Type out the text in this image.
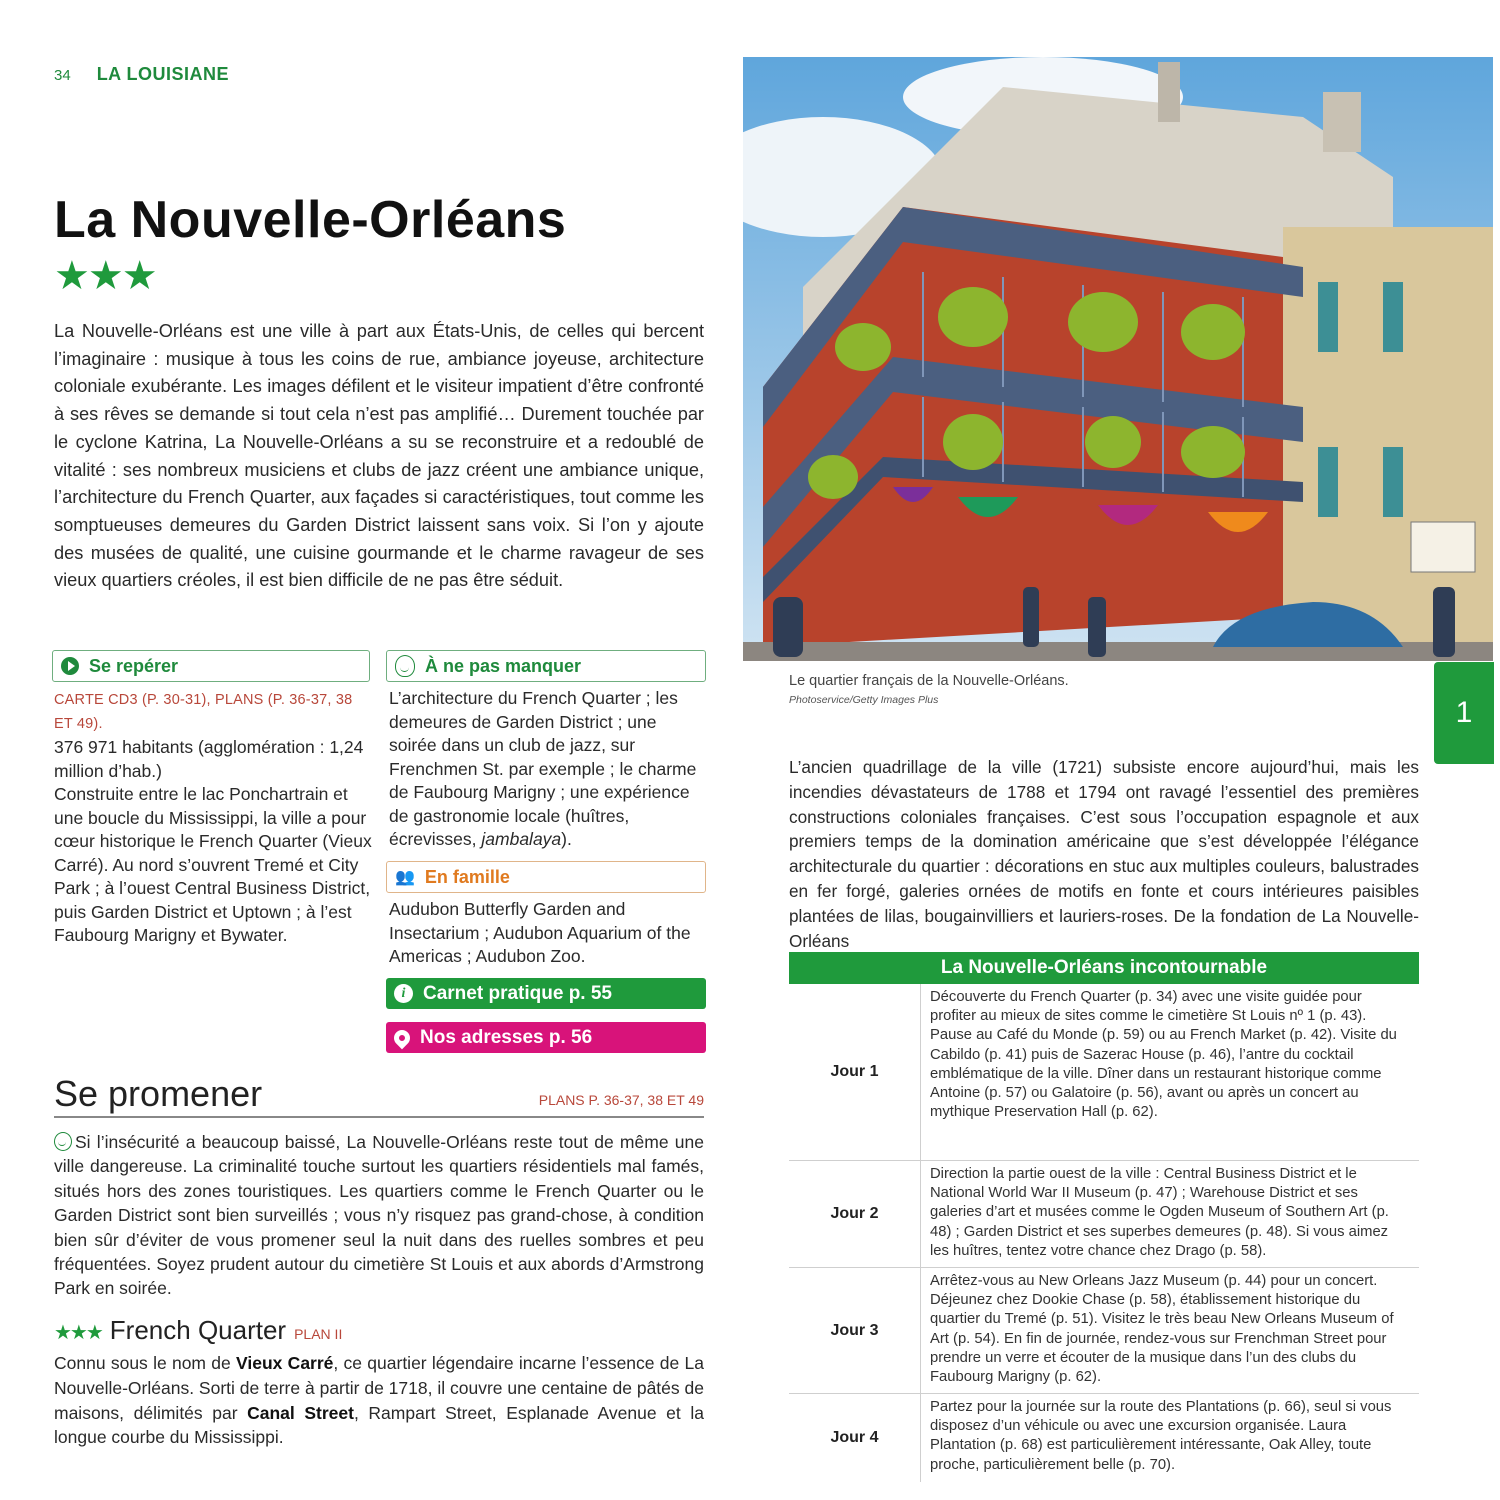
34 LA LOUISIANE
La Nouvelle-Orléans
★★★

La Nouvelle-Orléans est une ville à part aux États-Unis, de celles qui bercent l’imaginaire : musique à tous les coins de rue, ambiance joyeuse, architecture coloniale exubérante. Les images défilent et le visiteur impatient d’être confronté à ses rêves se demande si tout cela n’est pas amplifié… Durement touchée par le cyclone Katrina, La Nouvelle-Orléans a su se reconstruire et a redoublé de vitalité : ses nombreux musiciens et clubs de jazz créent une ambiance unique, l’architecture du French Quarter, aux façades si caractéristiques, tout comme les somptueuses demeures du Garden District laissent sans voix. Si l’on y ajoute des musées de qualité, une cuisine gourmande et le charme ravageur de ses vieux quartiers créoles, il est bien difficile de ne pas être séduit.

Se repérer
CARTE CD3 (P. 30-31), PLANS (P. 36-37, 38 ET 49).
376 971 habitants (agglomération : 1,24 million d’hab.)
Construite entre le lac Ponchartrain et une boucle du Mississippi, la ville a pour cœur historique le French Quarter (Vieux Carré). Au nord s’ouvrent Tremé et City Park ; à l’ouest Central Business District, puis Garden District et Uptown ; à l’est Faubourg Marigny et Bywater.
À ne pas manquer
L’architecture du French Quarter ; les demeures de Garden District ; une soirée dans un club de jazz, sur Frenchmen St. par exemple ; le charme de Faubourg Marigny ; une expérience de gastronomie locale (huîtres, écrevisses, jambalaya).
👥 En famille
Audubon Butterfly Garden and Insectarium ; Audubon Aquarium of the Americas ; Audubon Zoo.
i Carnet pratique p. 55
Nos adresses p. 56
Se promener	PLANS P. 36-37, 38 ET 49

Si l’insécurité a beaucoup baissé, La Nouvelle-Orléans reste tout de même une ville dangereuse. La criminalité touche surtout les quartiers résidentiels mal famés, situés hors des zones touristiques. Les quartiers comme le French Quarter ou le Garden District sont bien surveillés ; vous n’y risquez pas grand-chose, à condition bien sûr d’éviter de vous promener seul la nuit dans des ruelles sombres et peu fréquentées. Soyez prudent autour du cimetière St Louis et aux abords d’Armstrong Park en soirée.

★★★ French Quarter PLAN II

Connu sous le nom de Vieux Carré, ce quartier légendaire incarne l’essence de La Nouvelle-Orléans. Sorti de terre à partir de 1718, il couvre une centaine de pâtés de maisons, délimités par Canal Street, Rampart Street, Esplanade Avenue et la longue courbe du Mississippi.

Le quartier français de la Nouvelle-Orléans.
Photoservice/Getty Images Plus	1

L’ancien quadrillage de la ville (1721) subsiste encore aujourd’hui, mais les incendies dévastateurs de 1788 et 1794 ont ravagé l’essentiel des premières constructions coloniales françaises. C’est sous l’occupation espagnole et aux premiers temps de la domination américaine que s’est développée l’élégance architecturale du quartier : décorations en stuc aux multiples couleurs, balustrades en fer forgé, galeries ornées de motifs en fonte et cours intérieures paisibles plantées de lilas, bougainvilliers et lauriers-roses. De la fondation de La Nouvelle-Orléans

La Nouvelle-Orléans incontournable
Jour 1
Découverte du French Quarter (p. 34) avec une visite guidée pour profiter au mieux de sites comme le cimetière St Louis nº 1 (p. 43). Pause au Café du Monde (p. 59) ou au French Market (p. 42). Visite du Cabildo (p. 41) puis de Sazerac House (p. 46), l’antre du cocktail emblématique de la ville. Dîner dans un restaurant historique comme Antoine (p. 57) ou Galatoire (p. 56), avant ou après un concert au mythique Preservation Hall (p. 62).
Jour 2
Direction la partie ouest de la ville : Central Business District et le National World War II Museum (p. 47) ; Warehouse District et ses galeries d’art et musées comme le Ogden Museum of Southern Art (p. 48) ; Garden District et ses superbes demeures (p. 48). Si vous aimez les huîtres, tentez votre chance chez Drago (p. 58).
Jour 3
Arrêtez-vous au New Orleans Jazz Museum (p. 44) pour un concert. Déjeunez chez Dookie Chase (p. 58), établissement historique du quartier du Tremé (p. 51). Visitez le très beau New Orleans Museum of Art (p. 54). En fin de journée, rendez-vous sur Frenchman Street pour prendre un verre et écouter de la musique dans l’un des clubs du Faubourg Marigny (p. 62).
Jour 4
Partez pour la journée sur la route des Plantations (p. 66), seul si vous disposez d’un véhicule ou avec une excursion organisée. Laura Plantation (p. 68) est particulièrement intéressante, Oak Alley, toute proche, particulièrement belle (p. 70).
